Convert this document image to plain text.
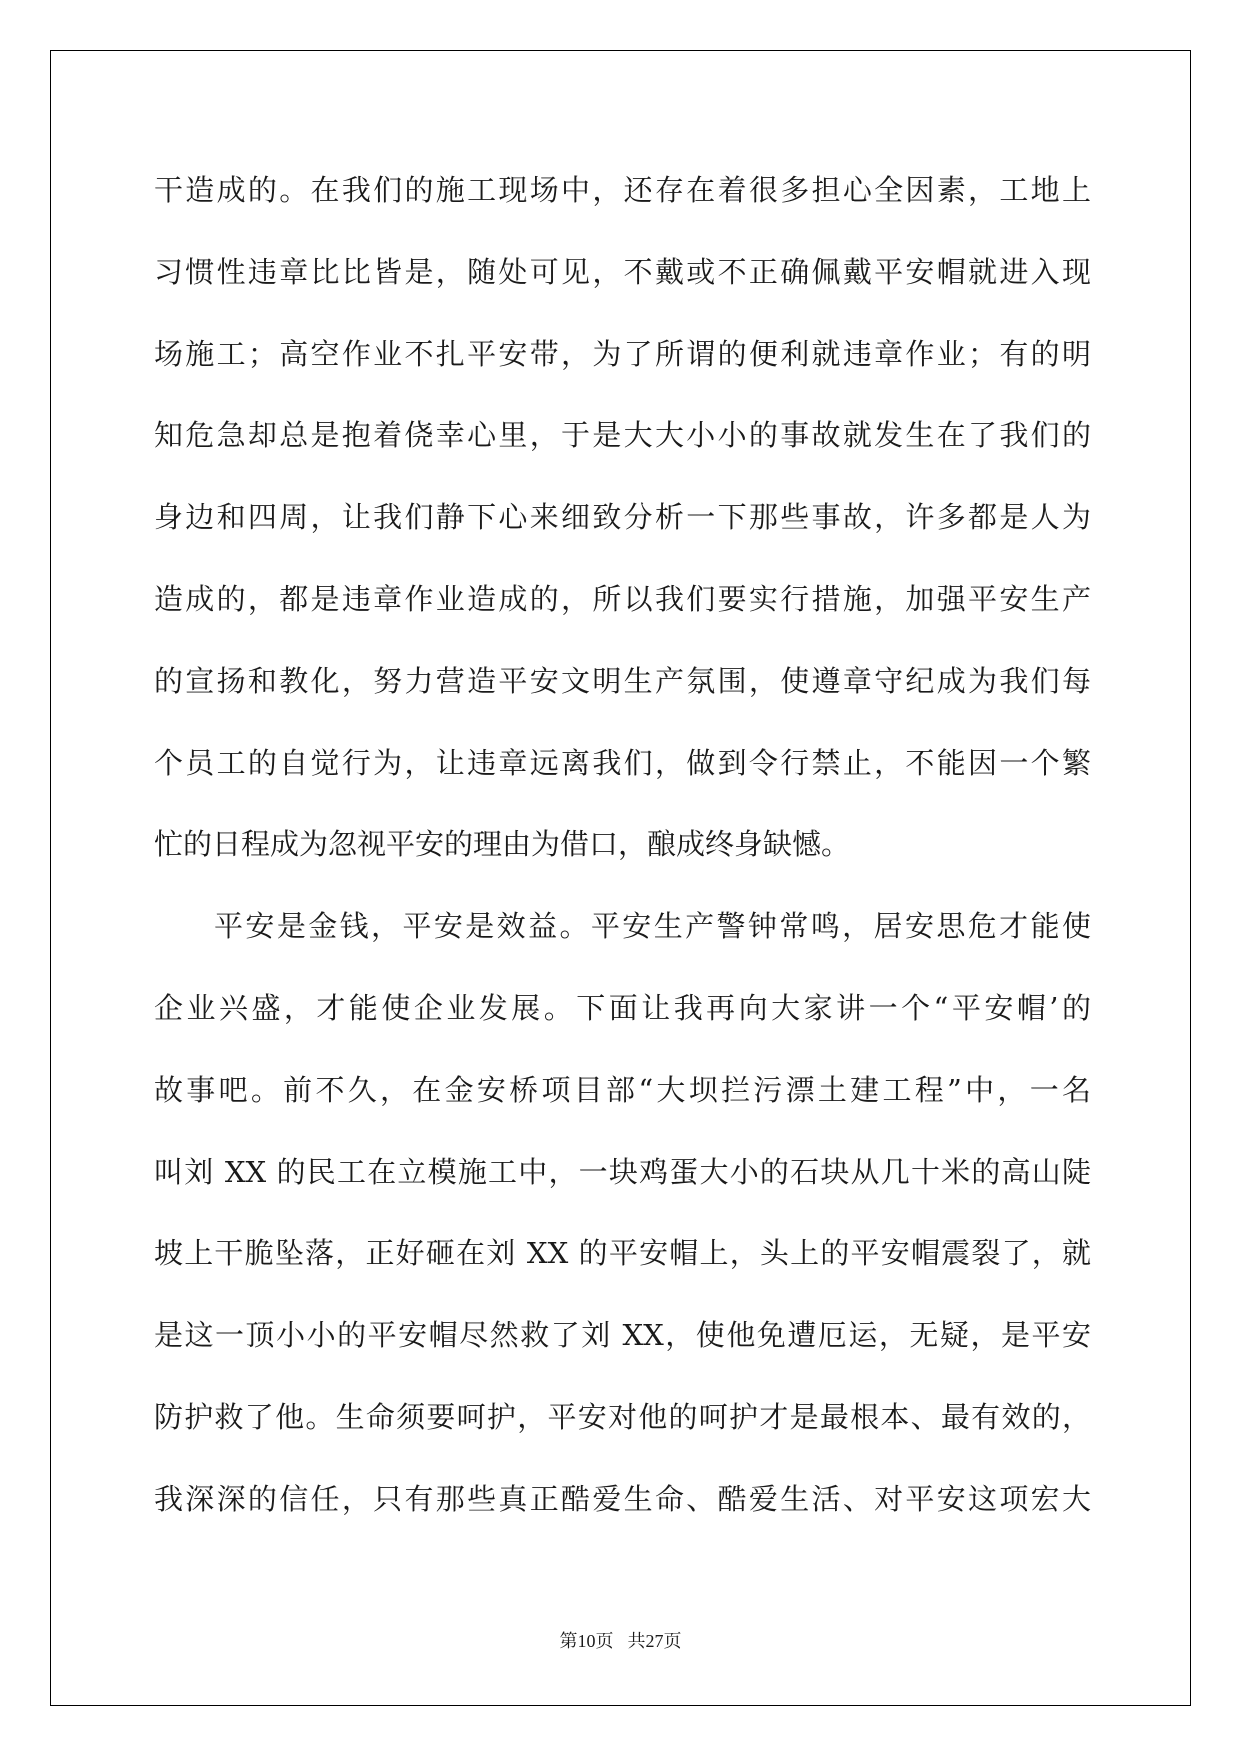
干造成的。在我们的施工现场中，还存在着很多担心全因素，工地上
习惯性违章比比皆是，随处可见，不戴或不正确佩戴平安帽就进入现
场施工；高空作业不扎平安带，为了所谓的便利就违章作业；有的明
知危急却总是抱着侥幸心里，于是大大小小的事故就发生在了我们的
身边和四周，让我们静下心来细致分析一下那些事故，许多都是人为
造成的，都是违章作业造成的，所以我们要实行措施，加强平安生产
的宣扬和教化，努力营造平安文明生产氛围，使遵章守纪成为我们每
个员工的自觉行为，让违章远离我们，做到令行禁止，不能因一个繁
忙的日程成为忽视平安的理由为借口，酿成终身缺憾。
平安是金钱，平安是效益。平安生产警钟常鸣，居安思危才能使
企业兴盛，才能使企业发展。下面让我再向大家讲一个“平安帽’的
故事吧。前不久，在金安桥项目部“大坝拦污漂土建工程”中，一名
叫刘 XX 的民工在立模施工中，一块鸡蛋大小的石块从几十米的高山陡
坡上干脆坠落，正好砸在刘 XX 的平安帽上，头上的平安帽震裂了，就
是这一顶小小的平安帽尽然救了刘 XX，使他免遭厄运，无疑，是平安
防护救了他。生命须要呵护，平安对他的呵护才是最根本、最有效的，
我深深的信任，只有那些真正酷爱生命、酷爱生活、对平安这项宏大
第10页 共27页
